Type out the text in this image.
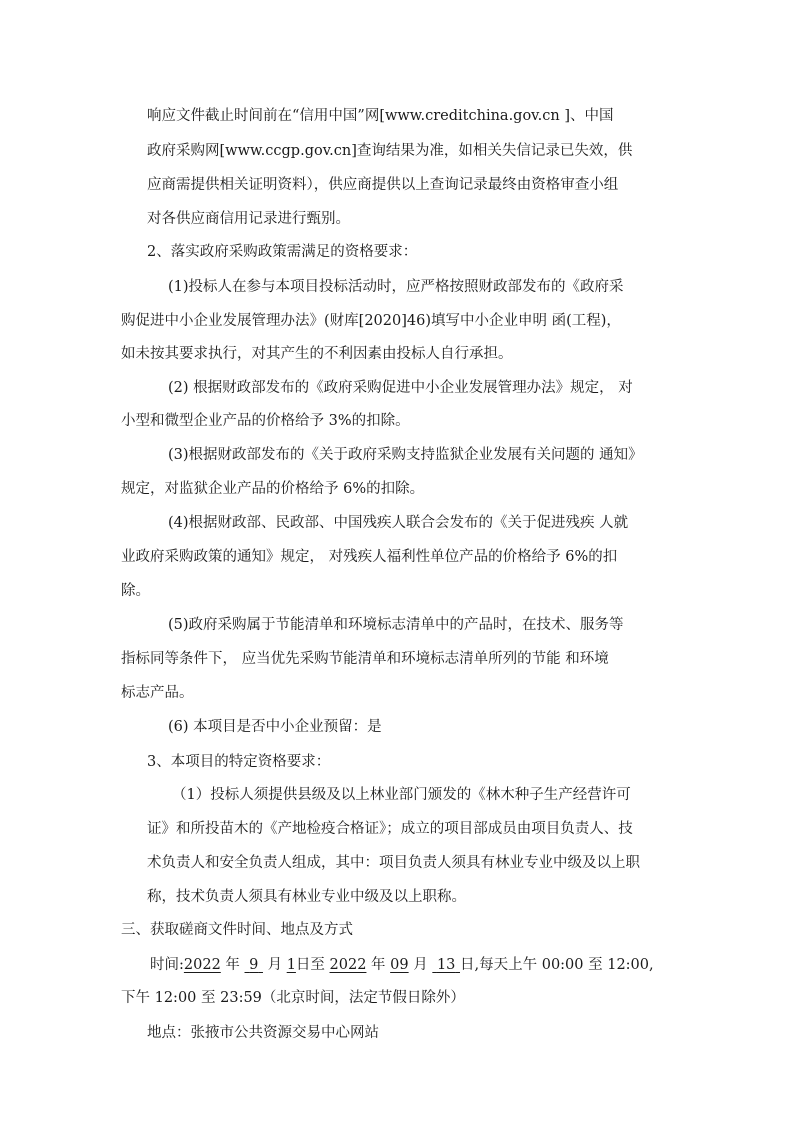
响应文件截止时间前在“信用中国”网[www.creditchina.gov.cn ]、中国
政府采购网[www.ccgp.gov.cn]查询结果为准，如相关失信记录已失效，供
应商需提供相关证明资料），供应商提供以上查询记录最终由资格审查小组
对各供应商信用记录进行甄别。
2、落实政府采购政策需满足的资格要求：
(1)投标人在参与本项目投标活动时，应严格按照财政部发布的《政府采
购促进中小企业发展管理办法》(财库[2020]46)填写中小企业申明 函(工程)，
如未按其要求执行，对其产生的不利因素由投标人自行承担。
(2) 根据财政部发布的《政府采购促进中小企业发展管理办法》规定， 对
小型和微型企业产品的价格给予 3%的扣除。
(3)根据财政部发布的《关于政府采购支持监狱企业发展有关问题的 通知》
规定，对监狱企业产品的价格给予 6%的扣除。
(4)根据财政部、民政部、中国残疾人联合会发布的《关于促进残疾 人就
业政府采购政策的通知》规定， 对残疾人福利性单位产品的价格给予 6%的扣
除。
(5)政府采购属于节能清单和环境标志清单中的产品时，在技术、服务等
指标同等条件下， 应当优先采购节能清单和环境标志清单所列的节能 和环境
标志产品。
(6) 本项目是否中小企业预留：是
3、本项目的特定资格要求：
（1）投标人须提供县级及以上林业部门颁发的《林木种子生产经营许可
证》和所投苗木的《产地检疫合格证》；成立的项目部成员由项目负责人、技
术负责人和安全负责人组成，其中：项目负责人须具有林业专业中级及以上职
称，技术负责人须具有林业专业中级及以上职称。
三、获取磋商文件时间、地点及方式
时间:2022 年 9 月 1日至 2022 年 09 月 13 日,每天上午 00:00 至 12:00,
下午 12:00 至 23:59（北京时间，法定节假日除外）
地点：张掖市公共资源交易中心网站
